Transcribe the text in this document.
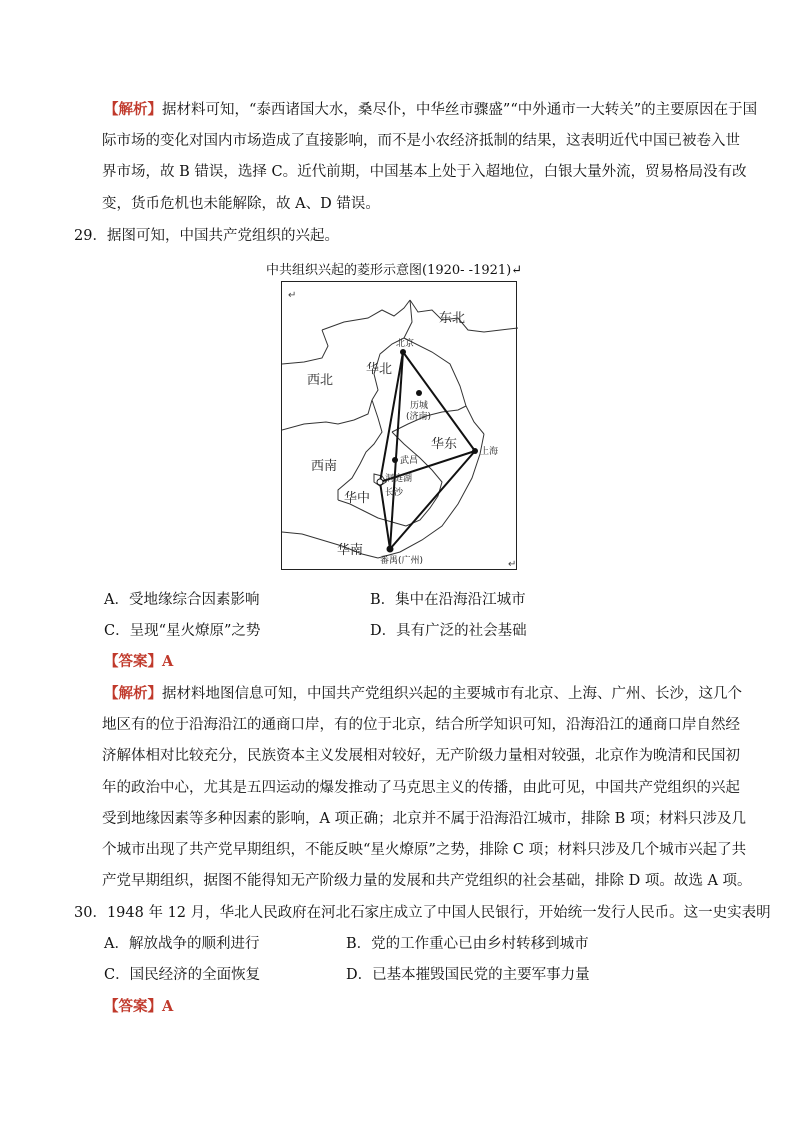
【解析】据材料可知，“泰西诸国大水，桑尽仆，中华丝市骤盛”“中外通市一大转关”的主要原因在于国
际市场的变化对国内市场造成了直接影响，而不是小农经济抵制的结果，这表明近代中国已被卷入世
界市场，故 B 错误，选择 C。近代前期，中国基本上处于入超地位，白银大量外流，贸易格局没有改
变，货币危机也未能解除，故 A、D 错误。
29．据图可知，中国共产党组织的兴起。
中共组织兴起的菱形示意图(1920- -1921)↵
东北
西北
华北
华东
西南
华中
华南
北京
历城
(济南)
上海
武昌
洞庭湖
长沙
番禺(广州)
↵
↵
A．受地缘综合因素影响	B．集中在沿海沿江城市
C．呈现“星火燎原”之势	D．具有广泛的社会基础
【答案】A
【解析】据材料地图信息可知，中国共产党组织兴起的主要城市有北京、上海、广州、长沙，这几个
地区有的位于沿海沿江的通商口岸，有的位于北京，结合所学知识可知，沿海沿江的通商口岸自然经
济解体相对比较充分，民族资本主义发展相对较好，无产阶级力量相对较强，北京作为晚清和民国初
年的政治中心，尤其是五四运动的爆发推动了马克思主义的传播，由此可见，中国共产党组织的兴起
受到地缘因素等多种因素的影响，A 项正确；北京并不属于沿海沿江城市，排除 B 项；材料只涉及几
个城市出现了共产党早期组织，不能反映“星火燎原”之势，排除 C 项；材料只涉及几个城市兴起了共
产党早期组织，据图不能得知无产阶级力量的发展和共产党组织的社会基础，排除 D 项。故选 A 项。
30．1948 年 12 月，华北人民政府在河北石家庄成立了中国人民银行，开始统一发行人民币。这一史实表明
A．解放战争的顺利进行	B．党的工作重心已由乡村转移到城市
C．国民经济的全面恢复	D．已基本摧毁国民党的主要军事力量
【答案】A
